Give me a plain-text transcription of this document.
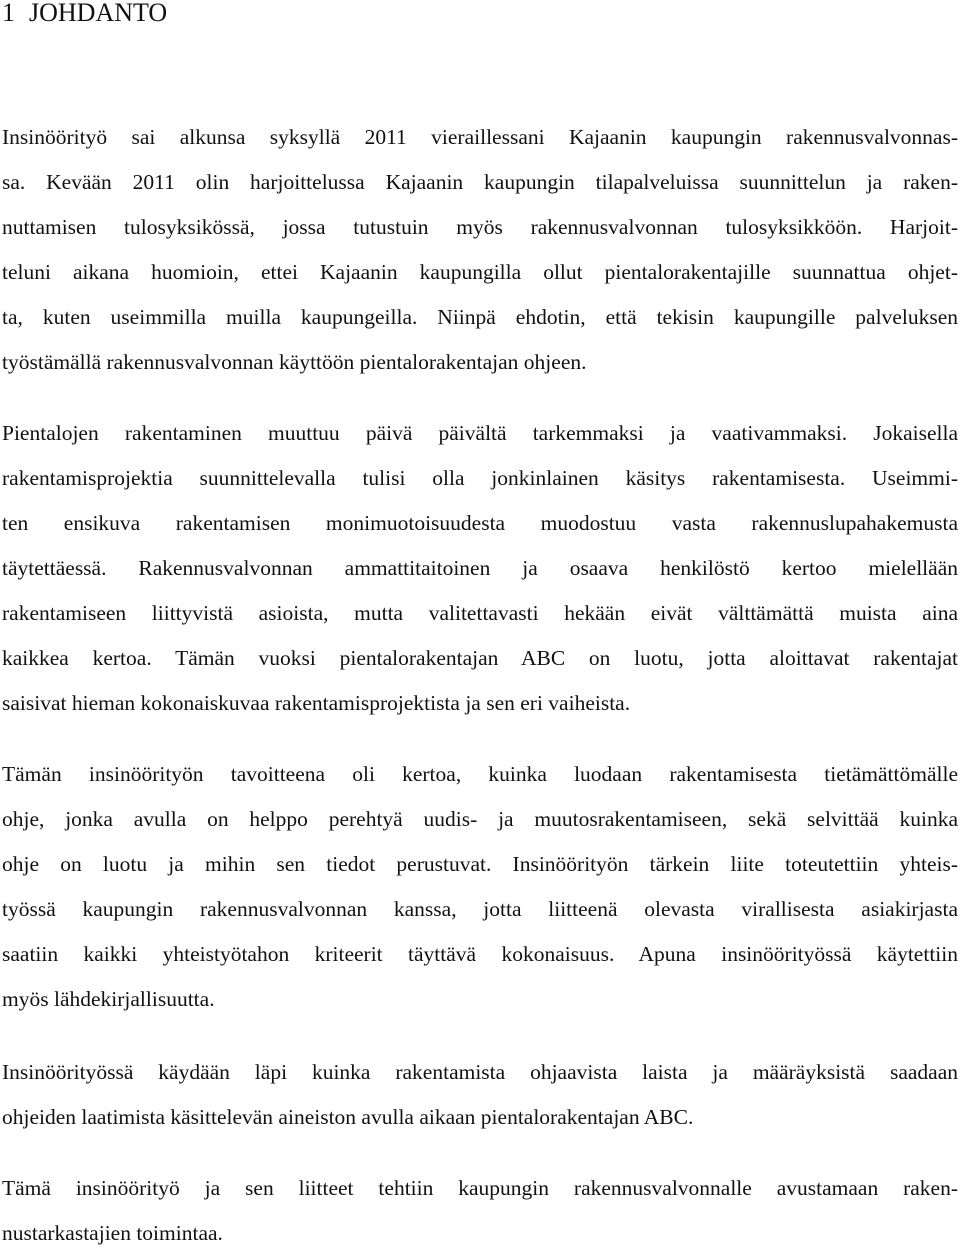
1 JOHDANTO

Insinöörityö sai alkunsa syksyllä 2011 vieraillessani Kajaanin kaupungin rakennusvalvonnas-
sa. Kevään 2011 olin harjoittelussa Kajaanin kaupungin tilapalveluissa suunnittelun ja raken-
nuttamisen tulosyksikössä, jossa tutustuin myös rakennusvalvonnan tulosyksikköön. Harjoit-
teluni aikana huomioin, ettei Kajaanin kaupungilla ollut pientalorakentajille suunnattua ohjet-
ta, kuten useimmilla muilla kaupungeilla. Niinpä ehdotin, että tekisin kaupungille palveluksen
työstämällä rakennusvalvonnan käyttöön pientalorakentajan ohjeen.

Pientalojen rakentaminen muuttuu päivä päivältä tarkemmaksi ja vaativammaksi. Jokaisella
rakentamisprojektia suunnittelevalla tulisi olla jonkinlainen käsitys rakentamisesta. Useimmi-
ten ensikuva rakentamisen monimuotoisuudesta muodostuu vasta rakennuslupahakemusta
täytettäessä. Rakennusvalvonnan ammattitaitoinen ja osaava henkilöstö kertoo mielellään
rakentamiseen liittyvistä asioista, mutta valitettavasti hekään eivät välttämättä muista aina
kaikkea kertoa. Tämän vuoksi pientalorakentajan ABC on luotu, jotta aloittavat rakentajat
saisivat hieman kokonaiskuvaa rakentamisprojektista ja sen eri vaiheista.

Tämän insinöörityön tavoitteena oli kertoa, kuinka luodaan rakentamisesta tietämättömälle
ohje, jonka avulla on helppo perehtyä uudis- ja muutosrakentamiseen, sekä selvittää kuinka
ohje on luotu ja mihin sen tiedot perustuvat. Insinöörityön tärkein liite toteutettiin yhteis-
työssä kaupungin rakennusvalvonnan kanssa, jotta liitteenä olevasta virallisesta asiakirjasta
saatiin kaikki yhteistyötahon kriteerit täyttävä kokonaisuus. Apuna insinöörityössä käytettiin
myös lähdekirjallisuutta.

Insinöörityössä käydään läpi kuinka rakentamista ohjaavista laista ja määräyksistä saadaan
ohjeiden laatimista käsittelevän aineiston avulla aikaan pientalorakentajan ABC.

Tämä insinöörityö ja sen liitteet tehtiin kaupungin rakennusvalvonnalle avustamaan raken-
nustarkastajien toimintaa.
